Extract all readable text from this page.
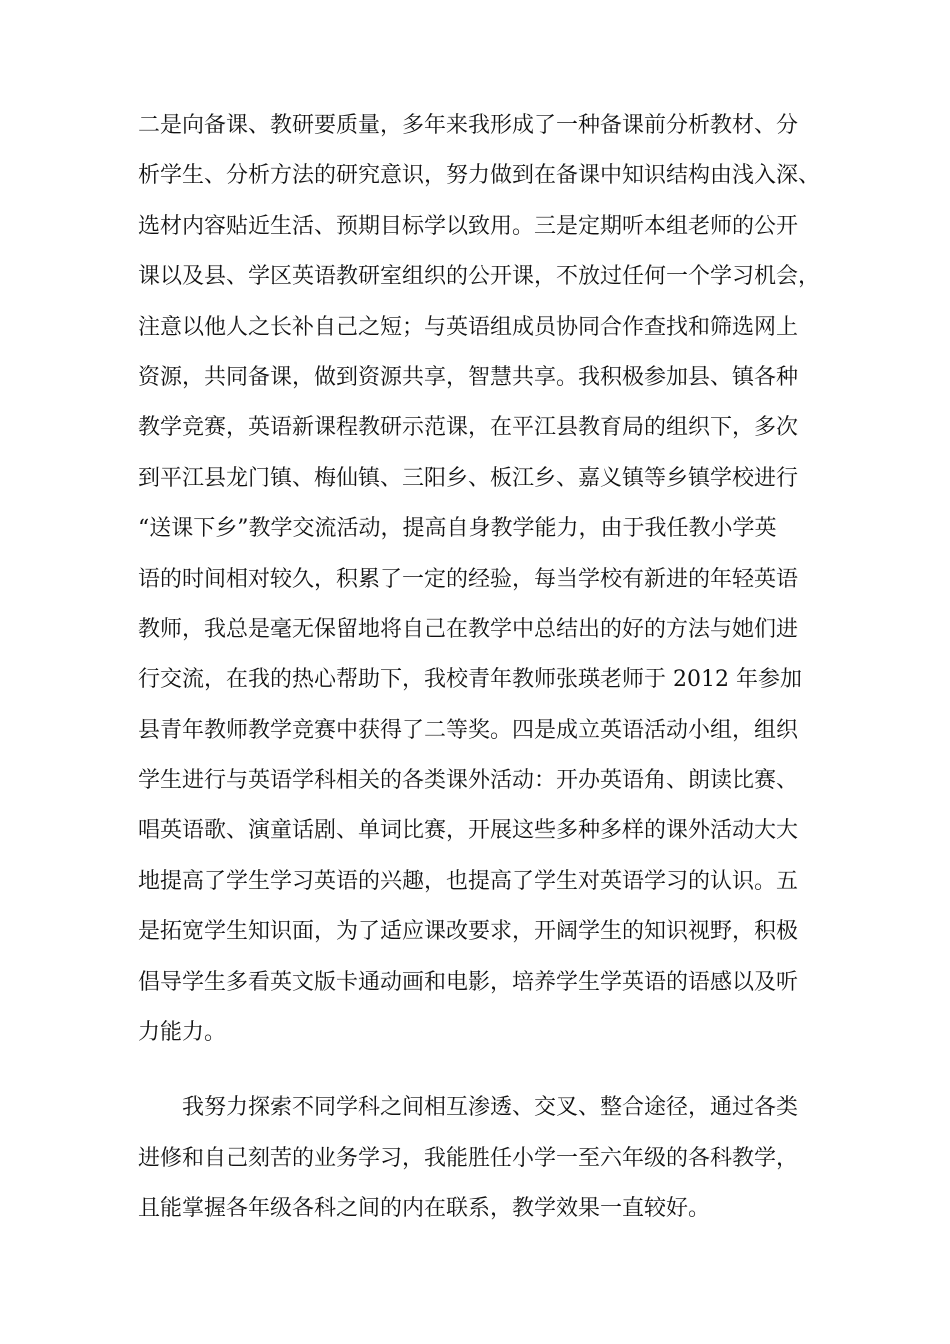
二是向备课、教研要质量，多年来我形成了一种备课前分析教材、分
析学生、分析方法的研究意识，努力做到在备课中知识结构由浅入深、
选材内容贴近生活、预期目标学以致用。三是定期听本组老师的公开
课以及县、学区英语教研室组织的公开课，不放过任何一个学习机会，
注意以他人之长补自己之短；与英语组成员协同合作查找和筛选网上
资源，共同备课，做到资源共享，智慧共享。我积极参加县、镇各种
教学竞赛，英语新课程教研示范课，在平江县教育局的组织下，多次
到平江县龙门镇、梅仙镇、三阳乡、板江乡、嘉义镇等乡镇学校进行
“送课下乡”教学交流活动，提高自身教学能力，由于我任教小学英
语的时间相对较久，积累了一定的经验，每当学校有新进的年轻英语
教师，我总是毫无保留地将自己在教学中总结出的好的方法与她们进
行交流，在我的热心帮助下，我校青年教师张瑛老师于 2012 年参加
县青年教师教学竞赛中获得了二等奖。四是成立英语活动小组，组织
学生进行与英语学科相关的各类课外活动：开办英语角、朗读比赛、
唱英语歌、演童话剧、单词比赛，开展这些多种多样的课外活动大大
地提高了学生学习英语的兴趣，也提高了学生对英语学习的认识。五
是拓宽学生知识面，为了适应课改要求，开阔学生的知识视野，积极
倡导学生多看英文版卡通动画和电影，培养学生学英语的语感以及听
力能力。
我努力探索不同学科之间相互渗透、交叉、整合途径，通过各类
进修和自己刻苦的业务学习，我能胜任小学一至六年级的各科教学，
且能掌握各年级各科之间的内在联系，教学效果一直较好。
